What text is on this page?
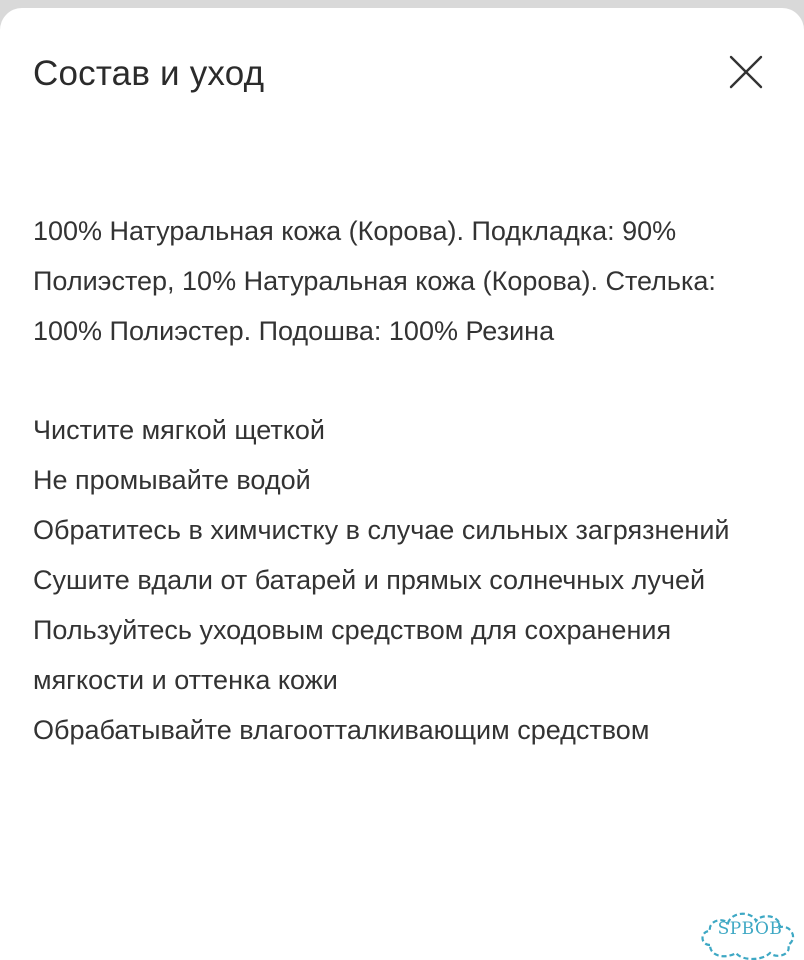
Состав и уход

100% Натуральная кожа (Корова). Подкладка: 90% Полиэстер, 10% Натуральная кожа (Корова). Стелька: 100% Полиэстер. Подошва: 100% Резина

Чистите мягкой щеткой
Не промывайте водой
Обратитесь в химчистку в случае сильных загрязнений
Сушите вдали от батарей и прямых солнечных лучей
Пользуйтесь уходовым средством для сохранения мягкости и оттенка кожи
Обрабатывайте влагоотталкивающим средством
SPBOB
